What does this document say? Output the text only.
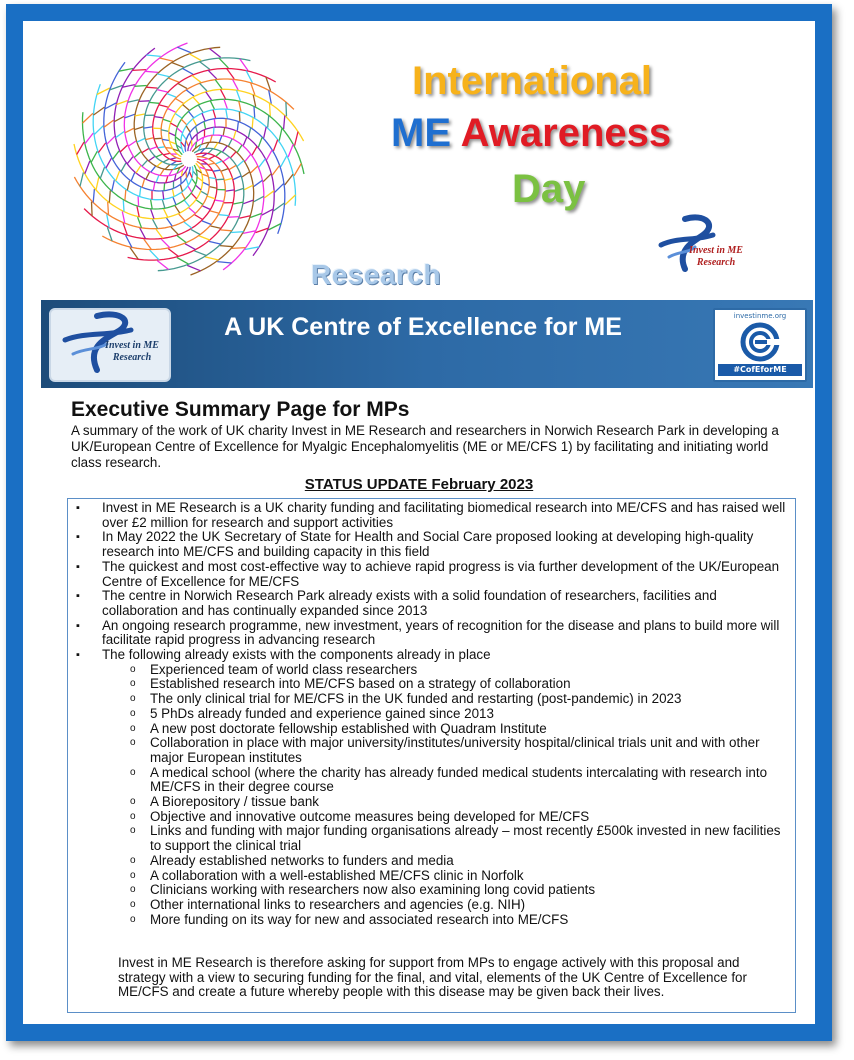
Research
International
ME Awareness
Day
Invest in ME Research
Invest in ME Research
A UK Centre of Excellence for ME	investinme.org
#CofEforME
Executive Summary Page for MPs

A summary of the work of UK charity Invest in ME Research and researchers in Norwich Research Park in developing a UK/European Centre of Excellence for Myalgic Encephalomyelitis (ME or ME/CFS 1) by facilitating and initiating world class research.

STATUS UPDATE February 2023
▪ Invest in ME Research is a UK charity funding and facilitating biomedical research into ME/CFS and has raised well over £2 million for research and support activities
▪ In May 2022 the UK Secretary of State for Health and Social Care proposed looking at developing high-quality research into ME/CFS and building capacity in this field
▪ The quickest and most cost-effective way to achieve rapid progress is via further development of the UK/European Centre of Excellence for ME/CFS
▪ The centre in Norwich Research Park already exists with a solid foundation of researchers, facilities and collaboration and has continually expanded since 2013
▪ An ongoing research programme, new investment, years of recognition for the disease and plans to build more will facilitate rapid progress in advancing research
▪ The following already exists with the components already in place
o Experienced team of world class researchers
o Established research into ME/CFS based on a strategy of collaboration
o The only clinical trial for ME/CFS in the UK funded and restarting (post-pandemic) in 2023
o 5 PhDs already funded and experience gained since 2013
o A new post doctorate fellowship established with Quadram Institute
o Collaboration in place with major university/institutes/university hospital/clinical trials unit and with other major European institutes
o A medical school (where the charity has already funded medical students intercalating with research into ME/CFS in their degree course
o A Biorepository / tissue bank
o Objective and innovative outcome measures being developed for ME/CFS
o Links and funding with major funding organisations already – most recently £500k invested in new facilities to support the clinical trial
o Already established networks to funders and media
o A collaboration with a well-established ME/CFS clinic in Norfolk
o Clinicians working with researchers now also examining long covid patients
o Other international links to researchers and agencies (e.g. NIH)
o More funding on its way for new and associated research into ME/CFS

Invest in ME Research is therefore asking for support from MPs to engage actively with this proposal and strategy with a view to securing funding for the final, and vital, elements of the UK Centre of Excellence for ME/CFS and create a future whereby people with this disease may be given back their lives.
